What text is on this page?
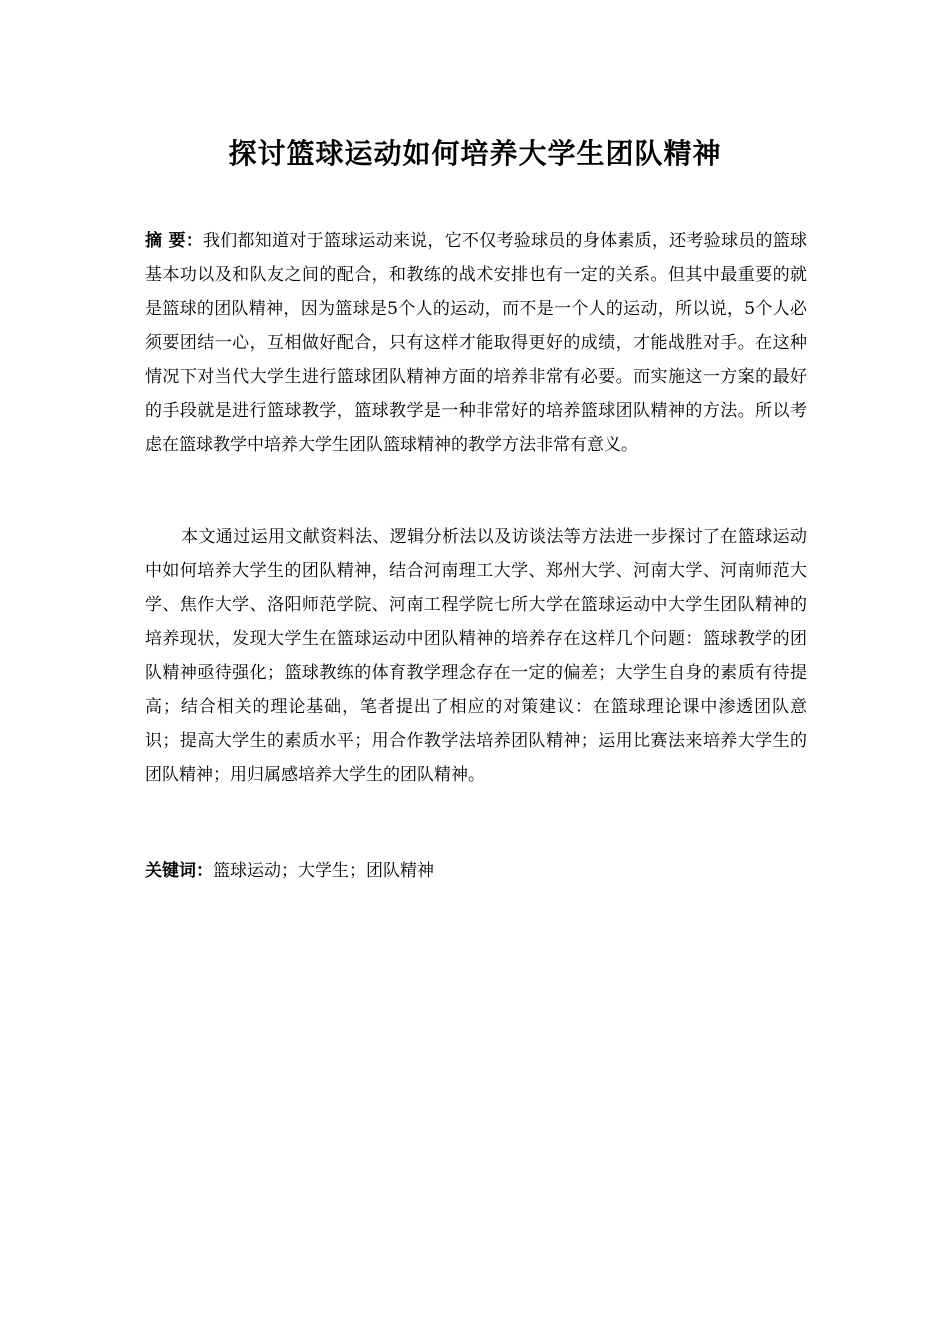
探讨篮球运动如何培养大学生团队精神
摘 要：我们都知道对于篮球运动来说，它不仅考验球员的身体素质，还考验球员的篮球基本功以及和队友之间的配合，和教练的战术安排也有一定的关系。但其中最重要的就是篮球的团队精神，因为篮球是5个人的运动，而不是一个人的运动，所以说，5个人必须要团结一心，互相做好配合，只有这样才能取得更好的成绩，才能战胜对手。在这种情况下对当代大学生进行篮球团队精神方面的培养非常有必要。而实施这一方案的最好的手段就是进行篮球教学，篮球教学是一种非常好的培养篮球团队精神的方法。所以考虑在篮球教学中培养大学生团队篮球精神的教学方法非常有意义。
本文通过运用文献资料法、逻辑分析法以及访谈法等方法进一步探讨了在篮球运动中如何培养大学生的团队精神，结合河南理工大学、郑州大学、河南大学、河南师范大学、焦作大学、洛阳师范学院、河南工程学院七所大学在篮球运动中大学生团队精神的培养现状，发现大学生在篮球运动中团队精神的培养存在这样几个问题：篮球教学的团队精神亟待强化；篮球教练的体育教学理念存在一定的偏差；大学生自身的素质有待提高；结合相关的理论基础，笔者提出了相应的对策建议：在篮球理论课中渗透团队意识；提高大学生的素质水平；用合作教学法培养团队精神；运用比赛法来培养大学生的团队精神；用归属感培养大学生的团队精神。
关键词：篮球运动；大学生；团队精神
